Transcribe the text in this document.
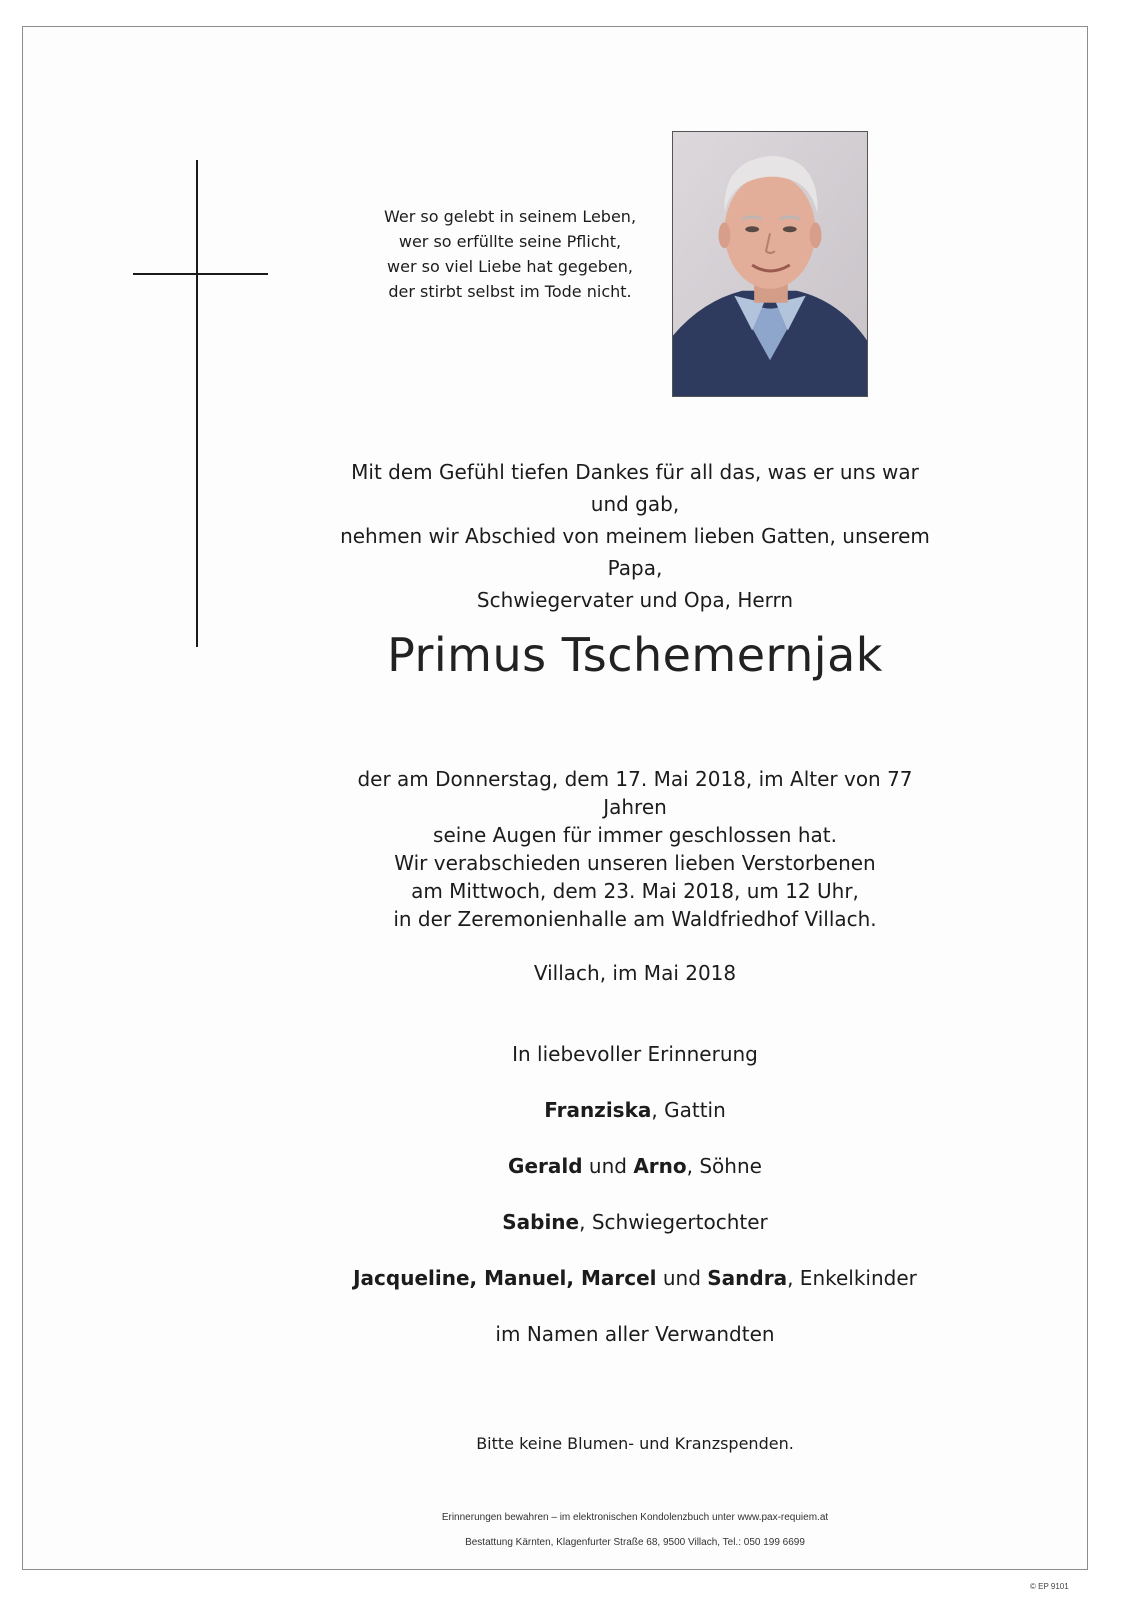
Wer so gelebt in seinem Leben,
wer so erfüllte seine Pflicht,
wer so viel Liebe hat gegeben,
der stirbt selbst im Tode nicht.
Mit dem Gefühl tiefen Dankes für all das, was er uns war und gab,
nehmen wir Abschied von meinem lieben Gatten, unserem Papa,
Schwiegervater und Opa, Herrn
Primus Tschemernjak
der am Donnerstag, dem 17. Mai 2018, im Alter von 77 Jahren
seine Augen für immer geschlossen hat.
Wir verabschieden unseren lieben Verstorbenen
am Mittwoch, dem 23. Mai 2018, um 12 Uhr,
in der Zeremonienhalle am Waldfriedhof Villach.
Villach, im Mai 2018
In liebevoller Erinnerung
Franziska, Gattin
Gerald und Arno, Söhne
Sabine, Schwiegertochter
Jacqueline, Manuel, Marcel und Sandra, Enkelkinder
im Namen aller Verwandten
Bitte keine Blumen- und Kranzspenden.
Erinnerungen bewahren – im elektronischen Kondolenzbuch unter www.pax-requiem.at
Bestattung Kärnten, Klagenfurter Straße 68, 9500 Villach, Tel.: 050 199 6699
© EP 9101
